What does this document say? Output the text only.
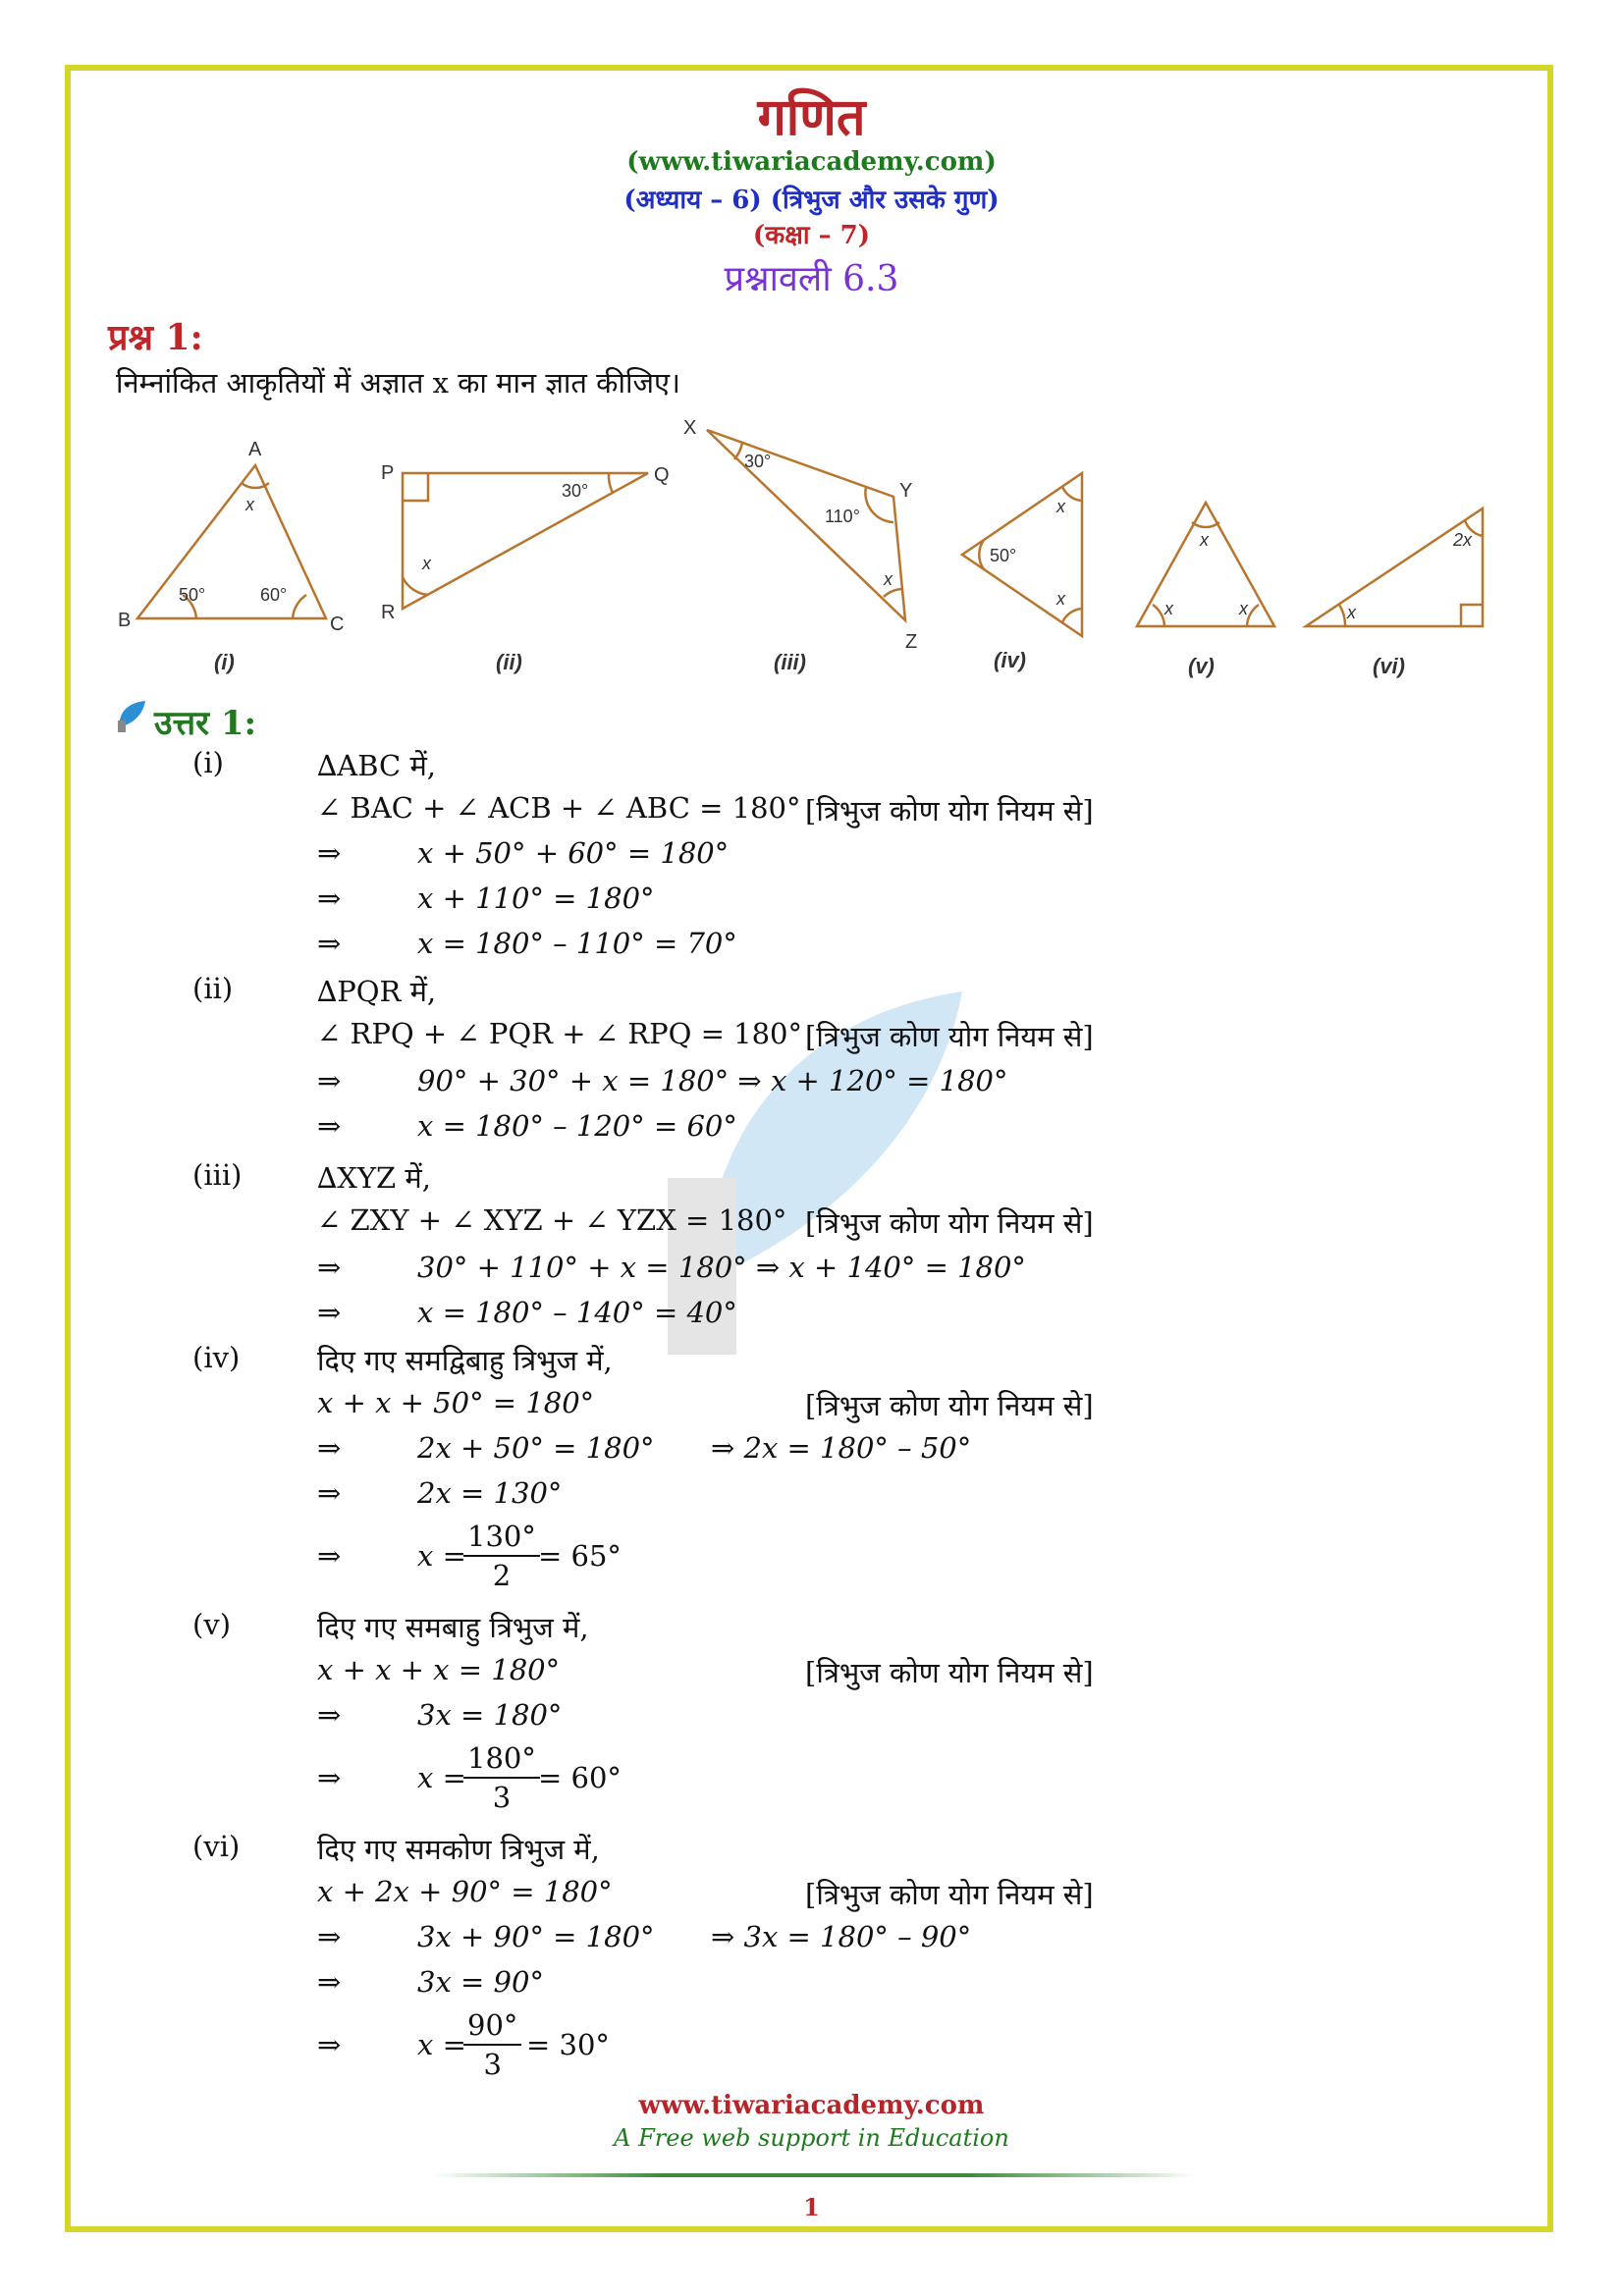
गणित
(www.tiwariacademy.com)
(अध्याय – 6) (त्रिभुज और उसके गुण)
(कक्षा – 7)
प्रश्नावली 6.3
प्रश्न 1:
निम्नांकित आकृतियों में अज्ञात x का मान ज्ञात कीजिए।
A
B	C
x
50°	60°
(i)
P	Q
R
x
30°
(ii)
X
Y
Z
30°
110°
x
(iii)
50°
x
x
(iv)
x
x	x
(v)
x
2x
(vi)
उत्तर 1:
(i)	∆ABC में,
∠ BAC + ∠ ACB + ∠ ABC = 180° [त्रिभुज कोण योग नियम से]
⇒	x + 50° + 60° = 180°
⇒	x + 110° = 180°
⇒	x = 180° – 110° = 70°
(ii)	∆PQR में,
∠ RPQ + ∠ PQR + ∠ RPQ = 180° [त्रिभुज कोण योग नियम से]
⇒	90° + 30° + x = 180° ⇒ x + 120° = 180°
⇒	x = 180° – 120° = 60°
(iii)	∆XYZ में,
∠ ZXY + ∠ XYZ + ∠ YZX = 180° [त्रिभुज कोण योग नियम से]
⇒	30° + 110° + x = 180° ⇒ x + 140° = 180°
⇒	x = 180° – 140° = 40°
(iv)	दिए गए समद्विबाहु त्रिभुज में,
x + x + 50° = 180°	[त्रिभुज कोण योग नियम से]
⇒	2x + 50° = 180° ⇒ 2x = 180° – 50°
⇒	2x = 130°
⇒	x =
$\frac{130^\circ}{2}$
= 65°
(v)	दिए गए समबाहु त्रिभुज में,
x + x + x = 180°	[त्रिभुज कोण योग नियम से]
⇒	3x = 180°
⇒	x =
$\frac{180^\circ}{3}$
= 60°
(vi)	दिए गए समकोण त्रिभुज में,
x + 2x + 90° = 180°	[त्रिभुज कोण योग नियम से]
⇒	3x + 90° = 180° ⇒ 3x = 180° – 90°
⇒	3x = 90°
⇒	x =
$\frac{90^\circ}{3} = 30^\circ$
www.tiwariacademy.com
A Free web support in Education
1
